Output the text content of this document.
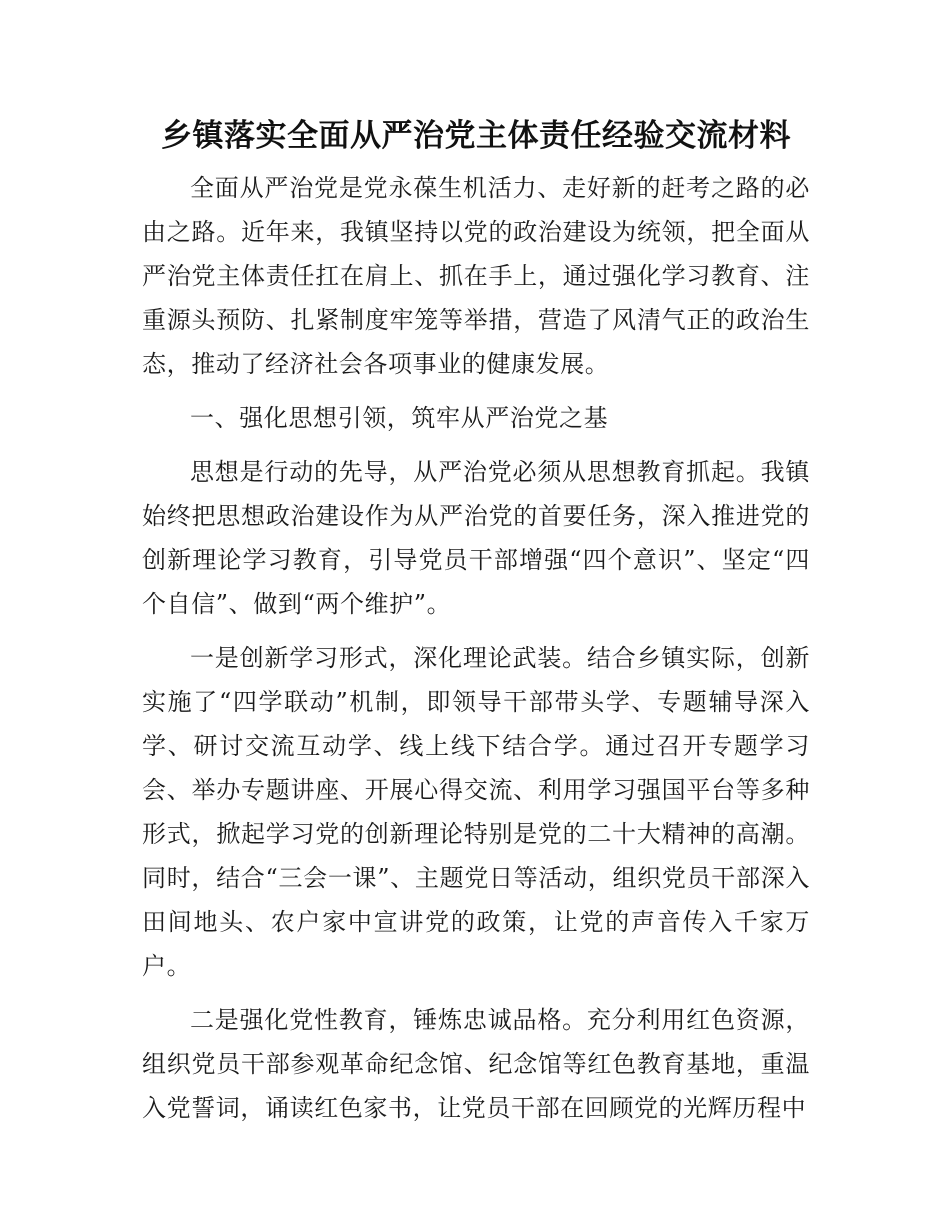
乡镇落实全面从严治党主体责任经验交流材料

全面从严治党是党永葆生机活力、走好新的赶考之路的必由之路。近年来，我镇坚持以党的政治建设为统领，把全面从严治党主体责任扛在肩上、抓在手上，通过强化学习教育、注重源头预防、扎紧制度牢笼等举措，营造了风清气正的政治生态，推动了经济社会各项事业的健康发展。

一、强化思想引领，筑牢从严治党之基

思想是行动的先导，从严治党必须从思想教育抓起。我镇始终把思想政治建设作为从严治党的首要任务，深入推进党的创新理论学习教育，引导党员干部增强“四个意识”、坚定“四个自信”、做到“两个维护”。

一是创新学习形式，深化理论武装。结合乡镇实际，创新实施了“四学联动”机制，即领导干部带头学、专题辅导深入学、研讨交流互动学、线上线下结合学。通过召开专题学习会、举办专题讲座、开展心得交流、利用学习强国平台等多种形式，掀起学习党的创新理论特别是党的二十大精神的高潮。同时，结合“三会一课”、主题党日等活动，组织党员干部深入田间地头、农户家中宣讲党的政策，让党的声音传入千家万户。

二是强化党性教育，锤炼忠诚品格。充分利用红色资源，组织党员干部参观革命纪念馆、纪念馆等红色教育基地，重温入党誓词，诵读红色家书，让党员干部在回顾党的光辉历程中
